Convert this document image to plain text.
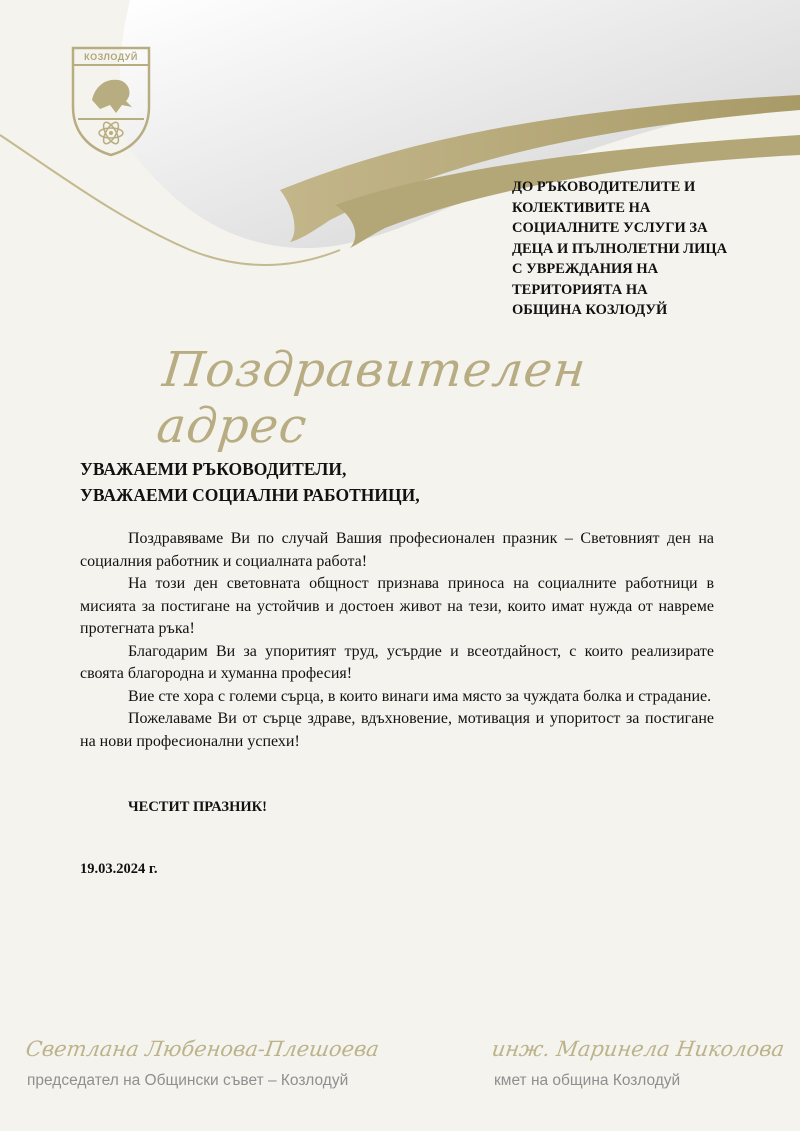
КОЗЛОДУЙ
ДО РЪКОВОДИТЕЛИТЕ И
КОЛЕКТИВИТЕ НА
СОЦИАЛНИТЕ УСЛУГИ ЗА
ДЕЦА И ПЪЛНОЛЕТНИ ЛИЦА
С УВРЕЖДАНИЯ НА
ТЕРИТОРИЯТА НА
ОБЩИНА КОЗЛОДУЙ
Поздравителен адрес
УВАЖАЕМИ РЪКОВОДИТЕЛИ,
УВАЖАЕМИ СОЦИАЛНИ РАБОТНИЦИ,

Поздравяваме Ви по случай Вашия професионален празник – Световният ден на социалния работник и социалната работа!

На този ден световната общност признава приноса на социалните работници в мисията за постигане на устойчив и достоен живот на тези, които имат нужда от навреме протегната ръка!

Благодарим Ви за упоритият труд, усърдие и всеотдайност, с които реализирате своята благородна и хуманна професия!

Вие сте хора с големи сърца, в които винаги има място за чуждата болка и страдание.

Пожелаваме Ви от сърце здраве, вдъхновение, мотивация и упоритост за постигане на нови професионални успехи!

ЧЕСТИТ ПРАЗНИК!
19.03.2024 г.
Светлана Любенова-Плешоева
председател на Общински съвет – Козлодуй
инж. Маринела Николова
кмет на община Козлодуй
